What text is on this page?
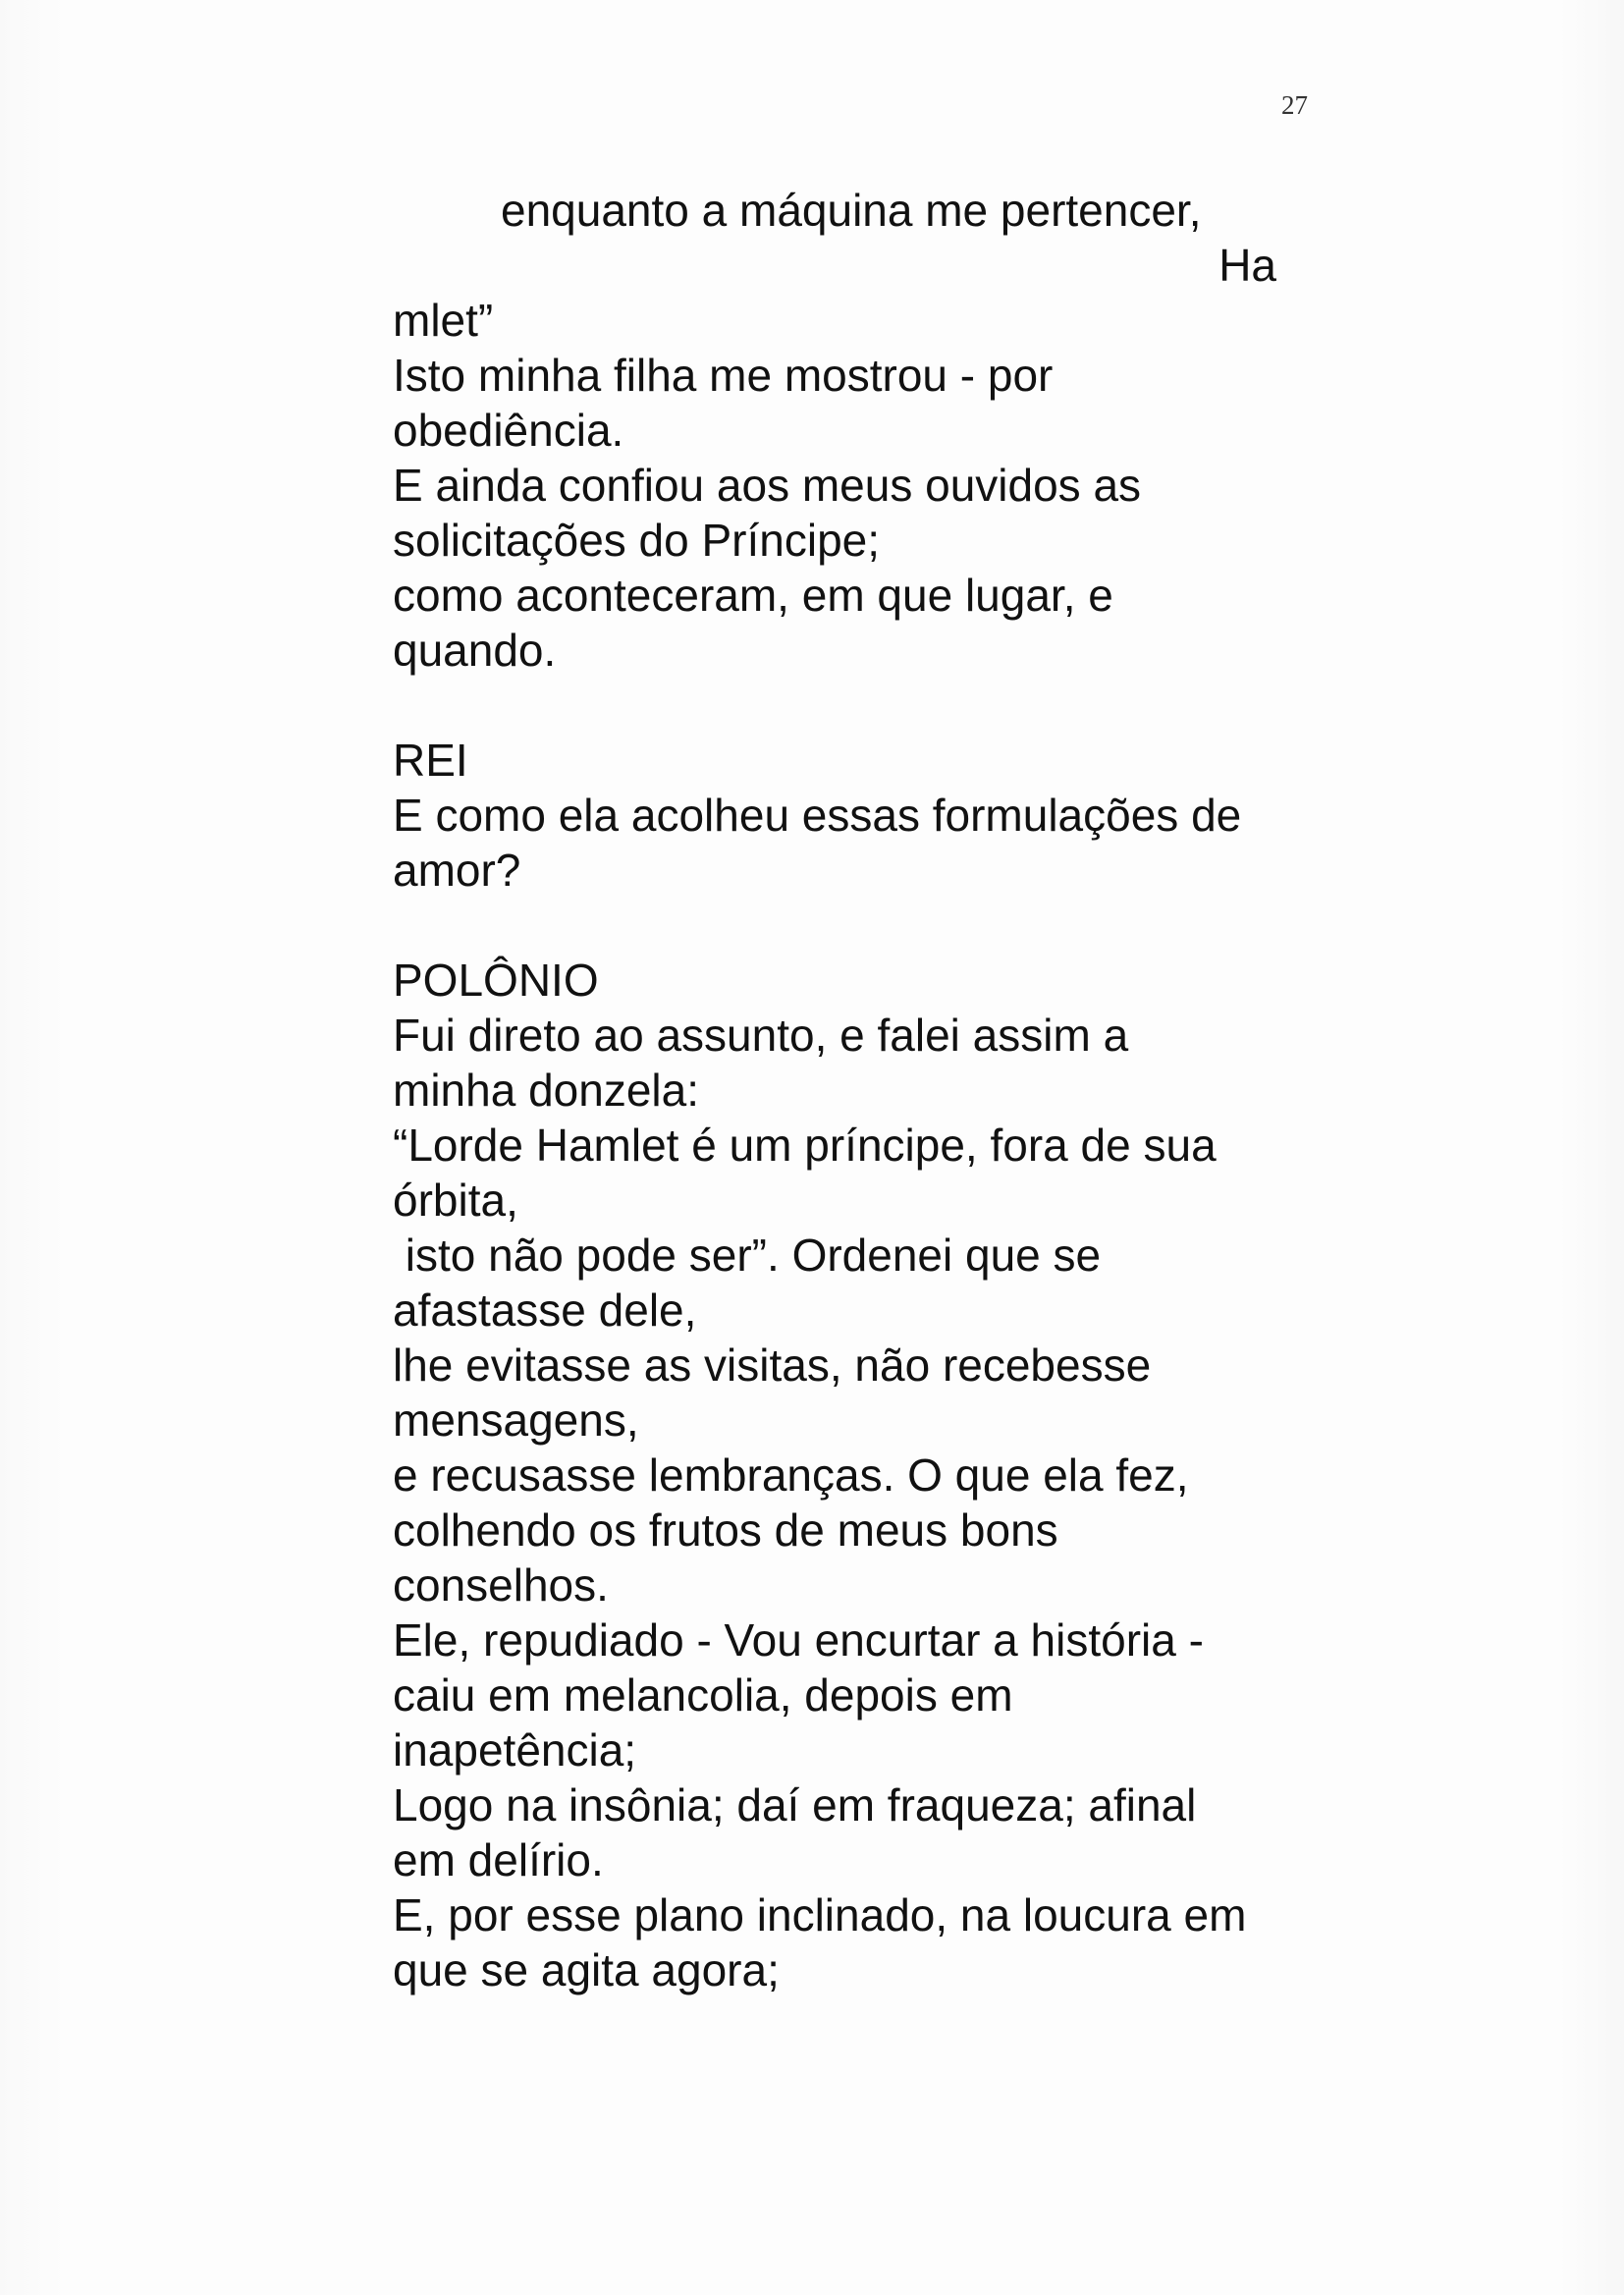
27
enquanto a máquina me pertencer,
Ha
mlet”
Isto minha filha me mostrou - por
obediência.
E ainda confiou aos meus ouvidos as
solicitações do Príncipe;
como aconteceram, em que lugar, e
quando.
REI
E como ela acolheu essas formulações de
amor?
POLÔNIO
Fui direto ao assunto, e falei assim a
minha donzela:
“Lorde Hamlet é um príncipe, fora de sua
órbita,
isto não pode ser”. Ordenei que se
afastasse dele,
lhe evitasse as visitas, não recebesse
mensagens,
e recusasse lembranças. O que ela fez,
colhendo os frutos de meus bons
conselhos.
Ele, repudiado - Vou encurtar a história -
caiu em melancolia, depois em
inapetência;
Logo na insônia; daí em fraqueza; afinal
em delírio.
E, por esse plano inclinado, na loucura em
que se agita agora;
